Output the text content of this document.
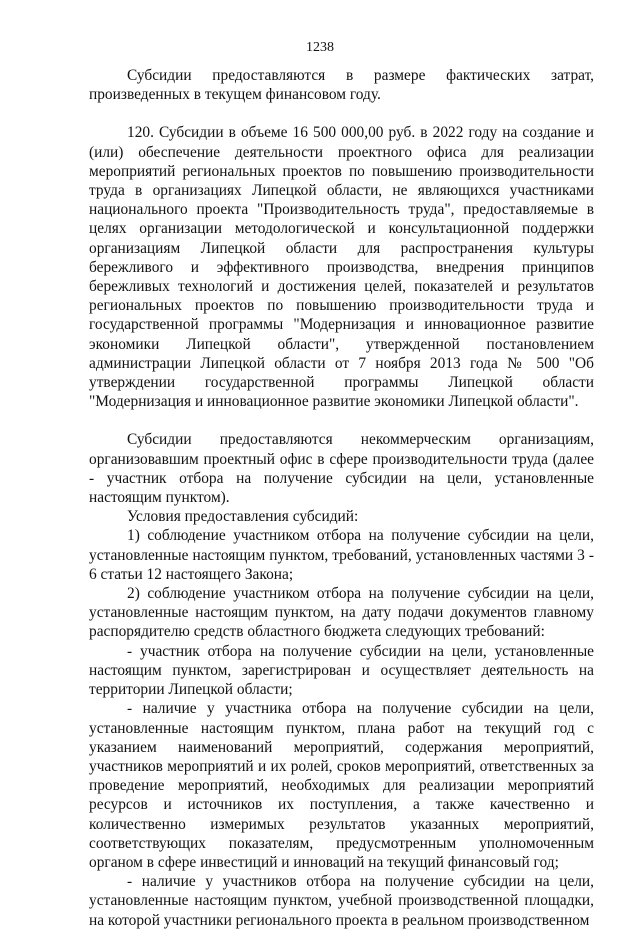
1238

Субсидии предоставляются в размере фактических затрат, произведенных в текущем финансовом году.

120. Субсидии в объеме 16 500 000,00 руб. в 2022 году на создание и (или) обеспечение деятельности проектного офиса для реализации мероприятий региональных проектов по повышению производительности труда в организациях Липецкой области, не являющихся участниками национального проекта "Производительность труда", предоставляемые в целях организации методологической и консультационной поддержки организациям Липецкой области для распространения культуры бережливого и эффективного производства, внедрения принципов бережливых технологий и достижения целей, показателей и результатов региональных проектов по повышению производительности труда и государственной программы "Модернизация и инновационное развитие экономики Липецкой области", утвержденной постановлением администрации Липецкой области от 7 ноября 2013 года № 500 "Об утверждении государственной программы Липецкой области "Модернизация и инновационное развитие экономики Липецкой области".

Субсидии предоставляются некоммерческим организациям, организовавшим проектный офис в сфере производительности труда (далее - участник отбора на получение субсидии на цели, установленные настоящим пунктом).

Условия предоставления субсидий:

1) соблюдение участником отбора на получение субсидии на цели, установленные настоящим пунктом, требований, установленных частями 3 - 6 статьи 12 настоящего Закона;

2) соблюдение участником отбора на получение субсидии на цели, установленные настоящим пунктом, на дату подачи документов главному распорядителю средств областного бюджета следующих требований:

- участник отбора на получение субсидии на цели, установленные настоящим пунктом, зарегистрирован и осуществляет деятельность на территории Липецкой области;

- наличие у участника отбора на получение субсидии на цели, установленные настоящим пунктом, плана работ на текущий год с указанием наименований мероприятий, содержания мероприятий, участников мероприятий и их ролей, сроков мероприятий, ответственных за проведение мероприятий, необходимых для реализации мероприятий ресурсов и источников их поступления, а также качественно и количественно измеримых результатов указанных мероприятий, соответствующих показателям, предусмотренным уполномоченным органом в сфере инвестиций и инноваций на текущий финансовый год;

- наличие у участников отбора на получение субсидии на цели, установленные настоящим пунктом, учебной производственной площадки, на которой участники регионального проекта в реальном производственном
